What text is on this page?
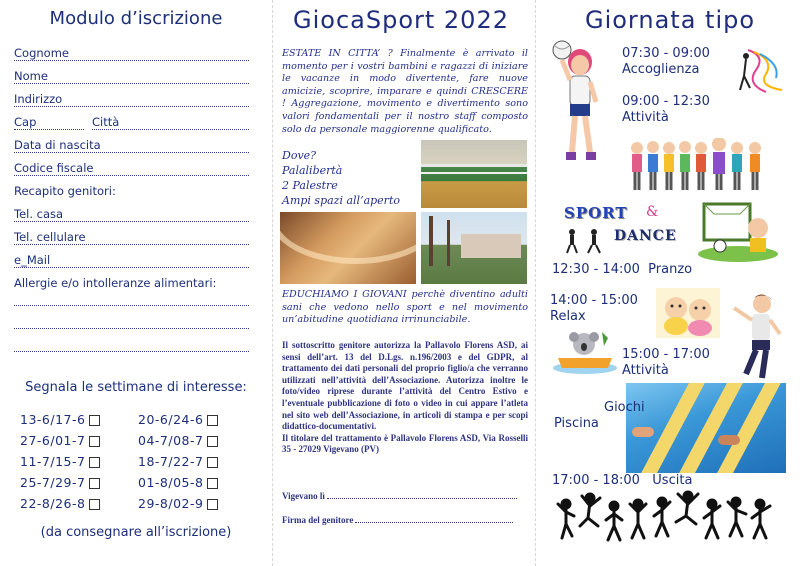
Modulo d’iscrizione
Cognome
Nome
Indirizzo
Cap	Città
Data di nascita
Codice fiscale
Recapito genitori:
Tel. casa
Tel. cellulare
e_Mail
Allergie e/o intolleranze alimentari:
Segnala le settimane di interesse:
13-6/17-6	20-6/24-6
27-6/01-7	04-7/08-7
11-7/15-7	18-7/22-7
25-7/29-7	01-8/05-8
22-8/26-8	29-8/02-9
(da consegnare all’iscrizione)
GiocaSport 2022
ESTATE IN CITTA’ ? Finalmente è arrivato il momento per i vostri bambini e ragazzi di iniziare le vacanze in modo divertente, fare nuove amicizie, scoprire, imparare e quindi CRESCERE ! Aggregazione, movimento e divertimento sono valori fondamentali per il nostro staff composto solo da personale maggiorenne qualificato.
Dove?
Palalibertà
2 Palestre
Ampi spazi all’aperto
EDUCHIAMO I GIOVANI perchè diventino adulti sani che vedono nello sport e nel movimento un’abitudine quotidiana irrinunciabile.
Il sottoscritto genitore autorizza la Pallavolo Florens ASD, ai sensi dell’art. 13 del D.Lgs. n.196/2003 e del GDPR, al trattamento dei dati personali del proprio figlio/a che verranno utilizzati nell’attività dell’Associazione. Autorizza inoltre le foto/video riprese durante l’attività del Centro Estivo e l’eventuale pubblicazione di foto o video in cui appare l’atleta nel sito web dell’Associazione, in articoli di stampa e per scopi didattico-documentativi.
Il titolare del trattamento è Pallavolo Florens ASD, Via Rosselli 35 - 27029 Vigevano (PV)
Vigevano lì
Firma del genitore
Giornata tipo
07:30 - 09:00
Accoglienza
09:00 - 12:30
Attività
SPORT &
DANCE
12:30 - 14:00 Pranzo
14:00 - 15:00
Relax
15:00 - 17:00
Attività
Giochi
Piscina
17:00 - 18:00 Uscita
